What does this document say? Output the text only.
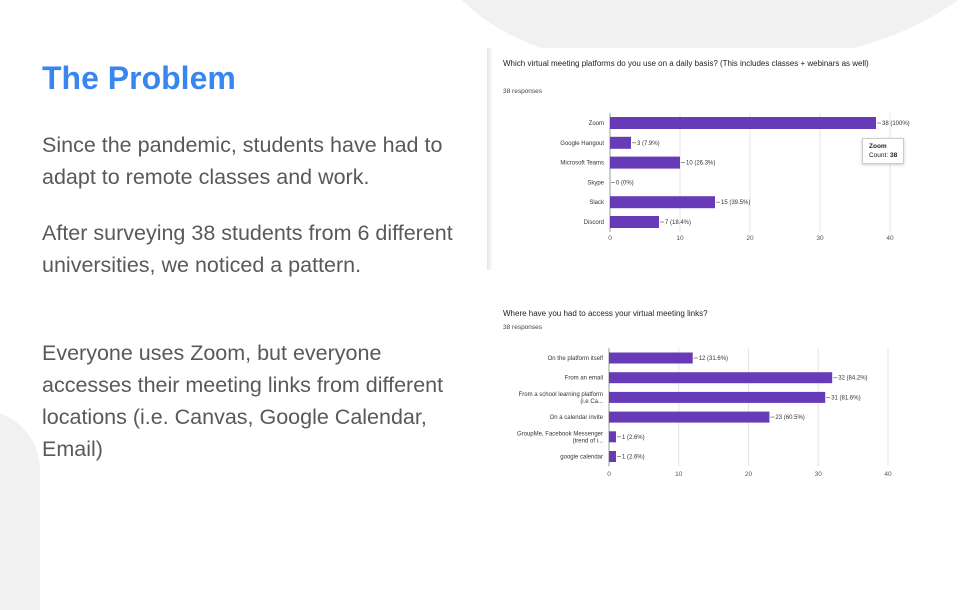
The Problem

Since the pandemic, students have had to adapt to remote classes and work.

After surveying 38 students from 6 different universities, we noticed a pattern.

Everyone uses Zoom, but everyone accesses their meeting links from different locations (i.e. Canvas, Google Calendar, Email)

Which virtual meeting platforms do you use on a daily basis? (This includes classes + webinars as well)
38 responses
0	10	20	30	40
Zoom	38 (100%)
Google Hangout	3 (7.9%)
Microsoft Teams	10 (26.3%)
Skype 0 (0%)
Slack	15 (39.5%)
Discord	7 (18.4%)
Zoom
Count: 38
Where have you had to access your virtual meeting links?
38 responses
0	10	20	30	40
On the platform itself	12 (31.6%)
From an email	32 (84.2%)
From a school learning platform (i.e Ca...
31 (81.6%)
On a calendar invite	23 (60.5%)
GroupMe, Facebook Messenger (trend of i...
1 (2.6%)
google calendar	1 (2.6%)
